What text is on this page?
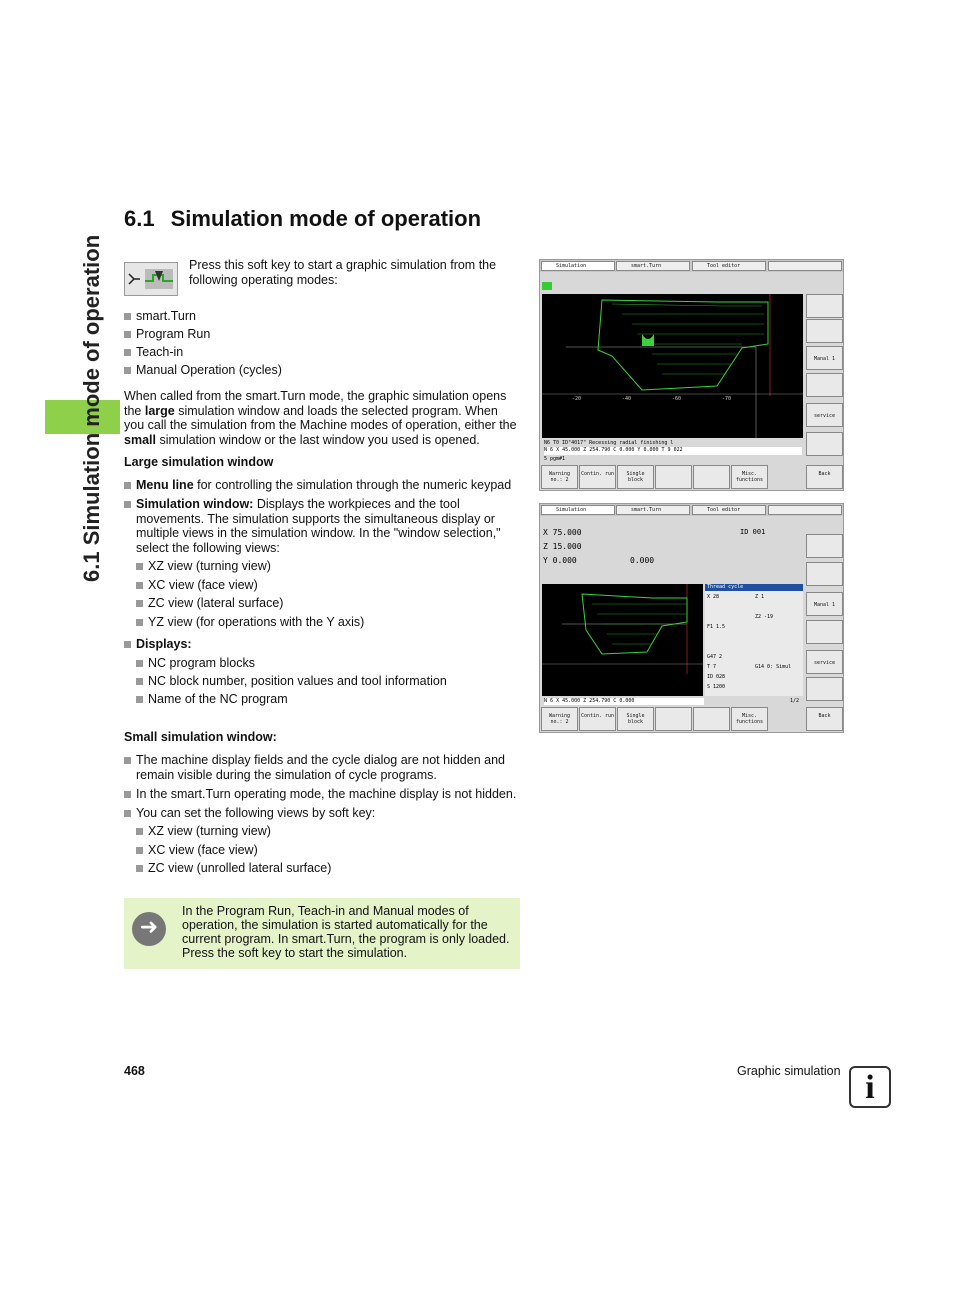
6.1 Simulation mode of operation
6.1 Simulation mode of operation
Press this soft key to start a graphic simulation from the following operating modes:
smart.Turn
Program Run
Teach-in
Manual Operation (cycles)
When called from the smart.Turn mode, the graphic simulation opens the large simulation window and loads the selected program. When you call the simulation from the Machine modes of operation, either the small simulation window or the last window you used is opened.
Large simulation window
Menu line for controlling the simulation through the numeric keypad
Simulation window: Displays the workpieces and the tool movements. The simulation supports the simultaneous display or multiple views in the simulation window. In the "window selection," select the following views:
XZ view (turning view)
XC view (face view)
ZC view (lateral surface)
YZ view (for operations with the Y axis)
Displays:
NC program blocks
NC block number, position values and tool information
Name of the NC program
Small simulation window:
The machine display fields and the cycle dialog are not hidden and remain visible during the simulation of cycle programs.
In the smart.Turn operating mode, the machine display is not hidden.
You can set the following views by soft key:
XZ view (turning view)
XC view (face view)
ZC view (unrolled lateral surface)
➜
In the Program Run, Teach-in and Manual modes of operation, the simulation is started automatically for the current program. In smart.Turn, the program is only loaded. Press the soft key to start the simulation.
468	Graphic simulation i
Simulation	smart.Turn	Tool editor
-20	-40	-60	-70
N6 T0 ID"4017" Recessing radial finishing l
N 6 X 45.000 Z 254.790 C 0.000 Y 0.000 T 9 022
5 pgm#1
Warning no.: 2
Contin. run	Single block
Misc. functions
Back
Manal 1
service
Simulation	smart.Turn	Tool editor
X 75.000
Z 15.000
Y 0.000	0.000
ID 001
Thread cycle
X 28	Z 1
Z2 -19
F1 1.5
G47 2
T 7	G14 0: Simul
ID 028
S 1200
1/2
N 6 X 45.000 Z 254.790 C 0.000
Warning no.: 2
Contin. run	Single block
Misc. functions
Back
Manal 1
service
